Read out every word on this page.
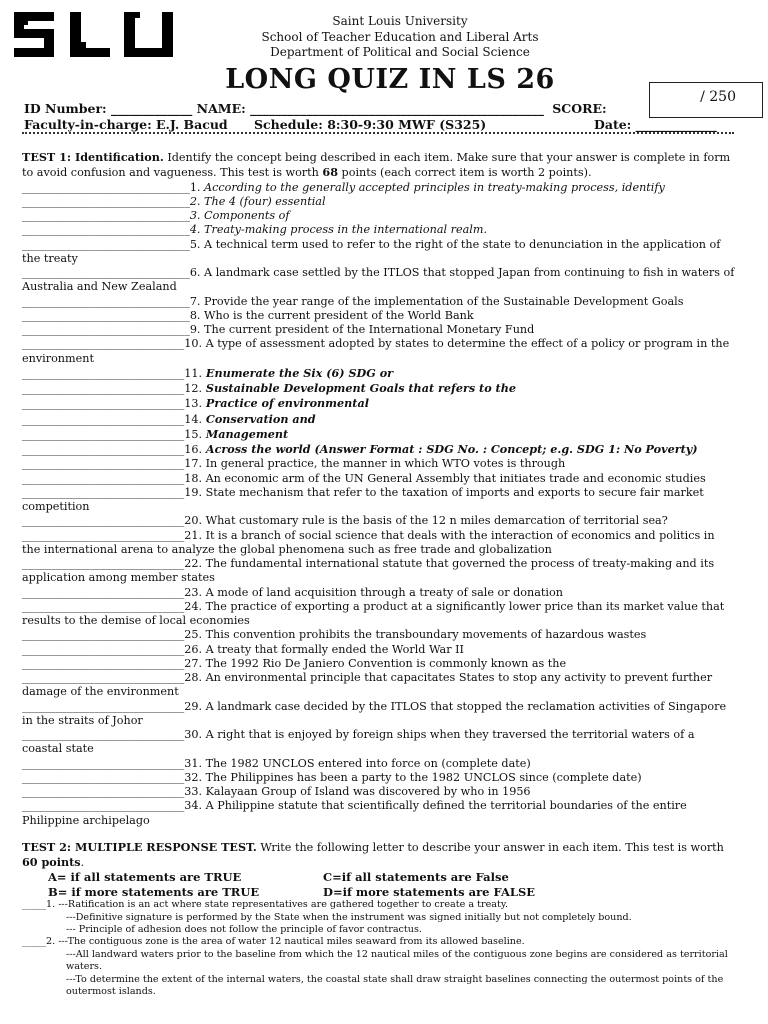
SLU
Saint Louis University
School of Teacher Education and Liberal Arts
Department of Political and Social Science
LONG QUIZ IN LS 26
/ 250
ID Number: _____________ NAME: _______________________________________________ SCORE:
Faculty-in-charge: E.J. Bacud Schedule: 8:30-9:30 MWF (S325)	Date: _____________

TEST 1: Identification. Identify the concept being described in each item. Make sure that your answer is complete in form to avoid confusion and vagueness. This test is worth 68 points (each correct item is worth 2 points).

______________________________1. According to the generally accepted principles in treaty-making process, identify

______________________________2. The 4 (four) essential

______________________________3. Components of

______________________________4. Treaty-making process in the international realm.

______________________________5. A technical term used to refer to the right of the state to denunciation in the application of the treaty

______________________________6. A landmark case settled by the ITLOS that stopped Japan from continuing to fish in waters of Australia and New Zealand

______________________________7. Provide the year range of the implementation of the Sustainable Development Goals

______________________________8. Who is the current president of the World Bank

______________________________9. The current president of the International Monetary Fund

_____________________________10. A type of assessment adopted by states to determine the effect of a policy or program in the environment

_____________________________11. Enumerate the Six (6) SDG or

_____________________________12. Sustainable Development Goals that refers to the

_____________________________13. Practice of environmental

_____________________________14. Conservation and

_____________________________15. Management

_____________________________16. Across the world (Answer Format : SDG No. : Concept; e.g. SDG 1: No Poverty)

_____________________________17. In general practice, the manner in which WTO votes is through

_____________________________18. An economic arm of the UN General Assembly that initiates trade and economic studies

_____________________________19. State mechanism that refer to the taxation of imports and exports to secure fair market competition

_____________________________20. What customary rule is the basis of the 12 n miles demarcation of territorial sea?

_____________________________21. It is a branch of social science that deals with the interaction of economics and politics in the international arena to analyze the global phenomena such as free trade and globalization

_____________________________22. The fundamental international statute that governed the process of treaty-making and its application among member states

_____________________________23. A mode of land acquisition through a treaty of sale or donation

_____________________________24. The practice of exporting a product at a significantly lower price than its market value that results to the demise of local economies

_____________________________25. This convention prohibits the transboundary movements of hazardous wastes

_____________________________26. A treaty that formally ended the World War II

_____________________________27. The 1992 Rio De Janiero Convention is commonly known as the

_____________________________28. An environmental principle that capacitates States to stop any activity to prevent further damage of the environment

_____________________________29. A landmark case decided by the ITLOS that stopped the reclamation activities of Singapore in the straits of Johor

_____________________________30. A right that is enjoyed by foreign ships when they traversed the territorial waters of a coastal state

_____________________________31. The 1982 UNCLOS entered into force on (complete date)

_____________________________32. The Philippines has been a party to the 1982 UNCLOS since (complete date)

_____________________________33. Kalayaan Group of Island was discovered by who in 1956

_____________________________34. A Philippine statute that scientifically defined the territorial boundaries of the entire Philippine archipelago

TEST 2: MULTIPLE RESPONSE TEST. Write the following letter to describe your answer in each item. This test is worth 60 points.

A= if all statements are TRUE	C=if all statements are False
B= if more statements are TRUE	D=if more statements are FALSE
_____1. ---Ratification is an act where state representatives are gathered together to create a treaty.
---Definitive signature is performed by the State when the instrument was signed initially but not completely bound.
--- Principle of adhesion does not follow the principle of favor contractus.
_____2. ---The contiguous zone is the area of water 12 nautical miles seaward from its allowed baseline.
---All landward waters prior to the baseline from which the 12 nautical miles of the contiguous zone begins are considered as territorial waters.
---To determine the extent of the internal waters, the coastal state shall draw straight baselines connecting the outermost points of the outermost islands.
